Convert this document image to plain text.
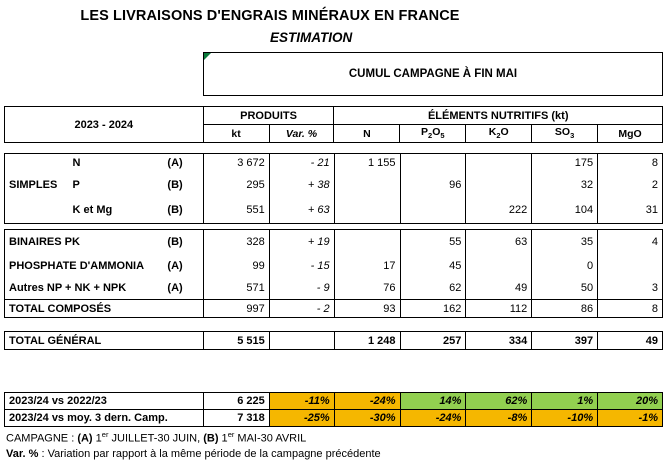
LES LIVRAISONS D'ENGRAIS MINÉRAUX EN FRANCE
ESTIMATION
CUMUL CAMPAGNE À FIN MAI
2023 - 2024	PRODUITS		ÉLÉMENTS NUTRITIFS (kt)				
	kt	Var. %	N	$P_2O_5$	$K_2O$	$SO_3$	MgO
	N	(A)	3 672	- 21	1 155			175	8
SIMPLES	P	(B)	295	+ 38		96		32	2
	K et Mg	(B)	551	+ 63			222	104	31

BINAIRES PK		(B)	328	+ 19		55	63	35	4
PHOSPHATE D'AMMONIA		(A)	99	- 15	17	45		0	
Autres NP + NK + NPK		(A)	571	- 9	76	62	49	50	3
TOTAL COMPOSÉS			997	- 2	93	162	112	86	8

TOTAL GÉNÉRAL			5 515		1 248	257	334	397	49
2023/24 vs 2022/23	6 225	-11%	-24%	14%	62%	1%	20%
2023/24 vs moy. 3 dern. Camp.	7 318	-25%	-30%	-24%	-8%	-10%	-1%
CAMPAGNE : (A) 1er JUILLET-30 JUIN, (B) 1er MAI-30 AVRIL
Var. % : Variation par rapport à la même période de la campagne précédente
